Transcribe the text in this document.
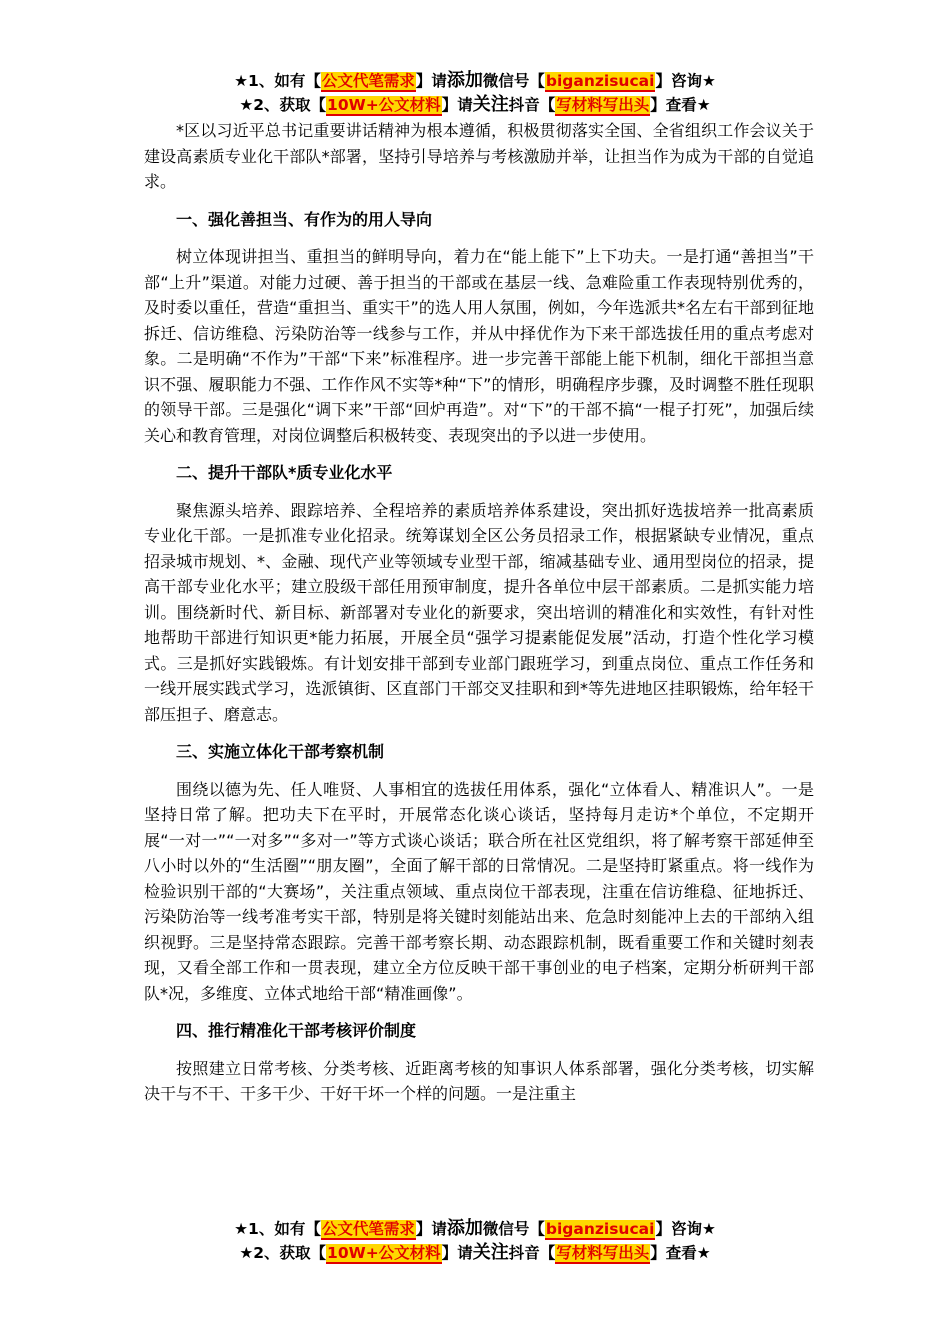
★1、如有【公文代笔需求】请添加微信号【biganzisucai】咨询★
★2、获取【10W+公文材料】请关注抖音【写材料写出头】查看★

*区以习近平总书记重要讲话精神为根本遵循，积极贯彻落实全国、全省组织工作会议关于建设高素质专业化干部队*部署，坚持引导培养与考核激励并举，让担当作为成为干部的自觉追求。

一、强化善担当、有作为的用人导向

树立体现讲担当、重担当的鲜明导向，着力在“能上能下”上下功夫。一是打通“善担当”干部“上升”渠道。对能力过硬、善于担当的干部或在基层一线、急难险重工作表现特别优秀的，及时委以重任，营造“重担当、重实干”的选人用人氛围，例如，今年选派共*名左右干部到征地拆迁、信访维稳、污染防治等一线参与工作，并从中择优作为下来干部选拔任用的重点考虑对象。二是明确“不作为”干部“下来”标准程序。进一步完善干部能上能下机制，细化干部担当意识不强、履职能力不强、工作作风不实等*种“下”的情形，明确程序步骤，及时调整不胜任现职的领导干部。三是强化“调下来”干部“回炉再造”。对“下”的干部不搞“一棍子打死”，加强后续关心和教育管理，对岗位调整后积极转变、表现突出的予以进一步使用。

二、提升干部队*质专业化水平

聚焦源头培养、跟踪培养、全程培养的素质培养体系建设，突出抓好选拔培养一批高素质专业化干部。一是抓准专业化招录。统筹谋划全区公务员招录工作，根据紧缺专业情况，重点招录城市规划、*、金融、现代产业等领域专业型干部，缩减基础专业、通用型岗位的招录，提高干部专业化水平；建立股级干部任用预审制度，提升各单位中层干部素质。二是抓实能力培训。围绕新时代、新目标、新部署对专业化的新要求，突出培训的精准化和实效性，有针对性地帮助干部进行知识更*能力拓展，开展全员“强学习提素能促发展”活动，打造个性化学习模式。三是抓好实践锻炼。有计划安排干部到专业部门跟班学习，到重点岗位、重点工作任务和一线开展实践式学习，选派镇街、区直部门干部交叉挂职和到*等先进地区挂职锻炼，给年轻干部压担子、磨意志。

三、实施立体化干部考察机制

围绕以德为先、任人唯贤、人事相宜的选拔任用体系，强化“立体看人、精准识人”。一是坚持日常了解。把功夫下在平时，开展常态化谈心谈话，坚持每月走访*个单位，不定期开展“一对一”“一对多”“多对一”等方式谈心谈话；联合所在社区党组织，将了解考察干部延伸至八小时以外的“生活圈”“朋友圈”，全面了解干部的日常情况。二是坚持盯紧重点。将一线作为检验识别干部的“大赛场”，关注重点领域、重点岗位干部表现，注重在信访维稳、征地拆迁、污染防治等一线考准考实干部，特别是将关键时刻能站出来、危急时刻能冲上去的干部纳入组织视野。三是坚持常态跟踪。完善干部考察长期、动态跟踪机制，既看重要工作和关键时刻表现，又看全部工作和一贯表现，建立全方位反映干部干事创业的电子档案，定期分析研判干部队*况，多维度、立体式地给干部“精准画像”。

四、推行精准化干部考核评价制度

按照建立日常考核、分类考核、近距离考核的知事识人体系部署，强化分类考核，切实解决干与不干、干多干少、干好干坏一个样的问题。一是注重主

★1、如有【公文代笔需求】请添加微信号【biganzisucai】咨询★
★2、获取【10W+公文材料】请关注抖音【写材料写出头】查看★
